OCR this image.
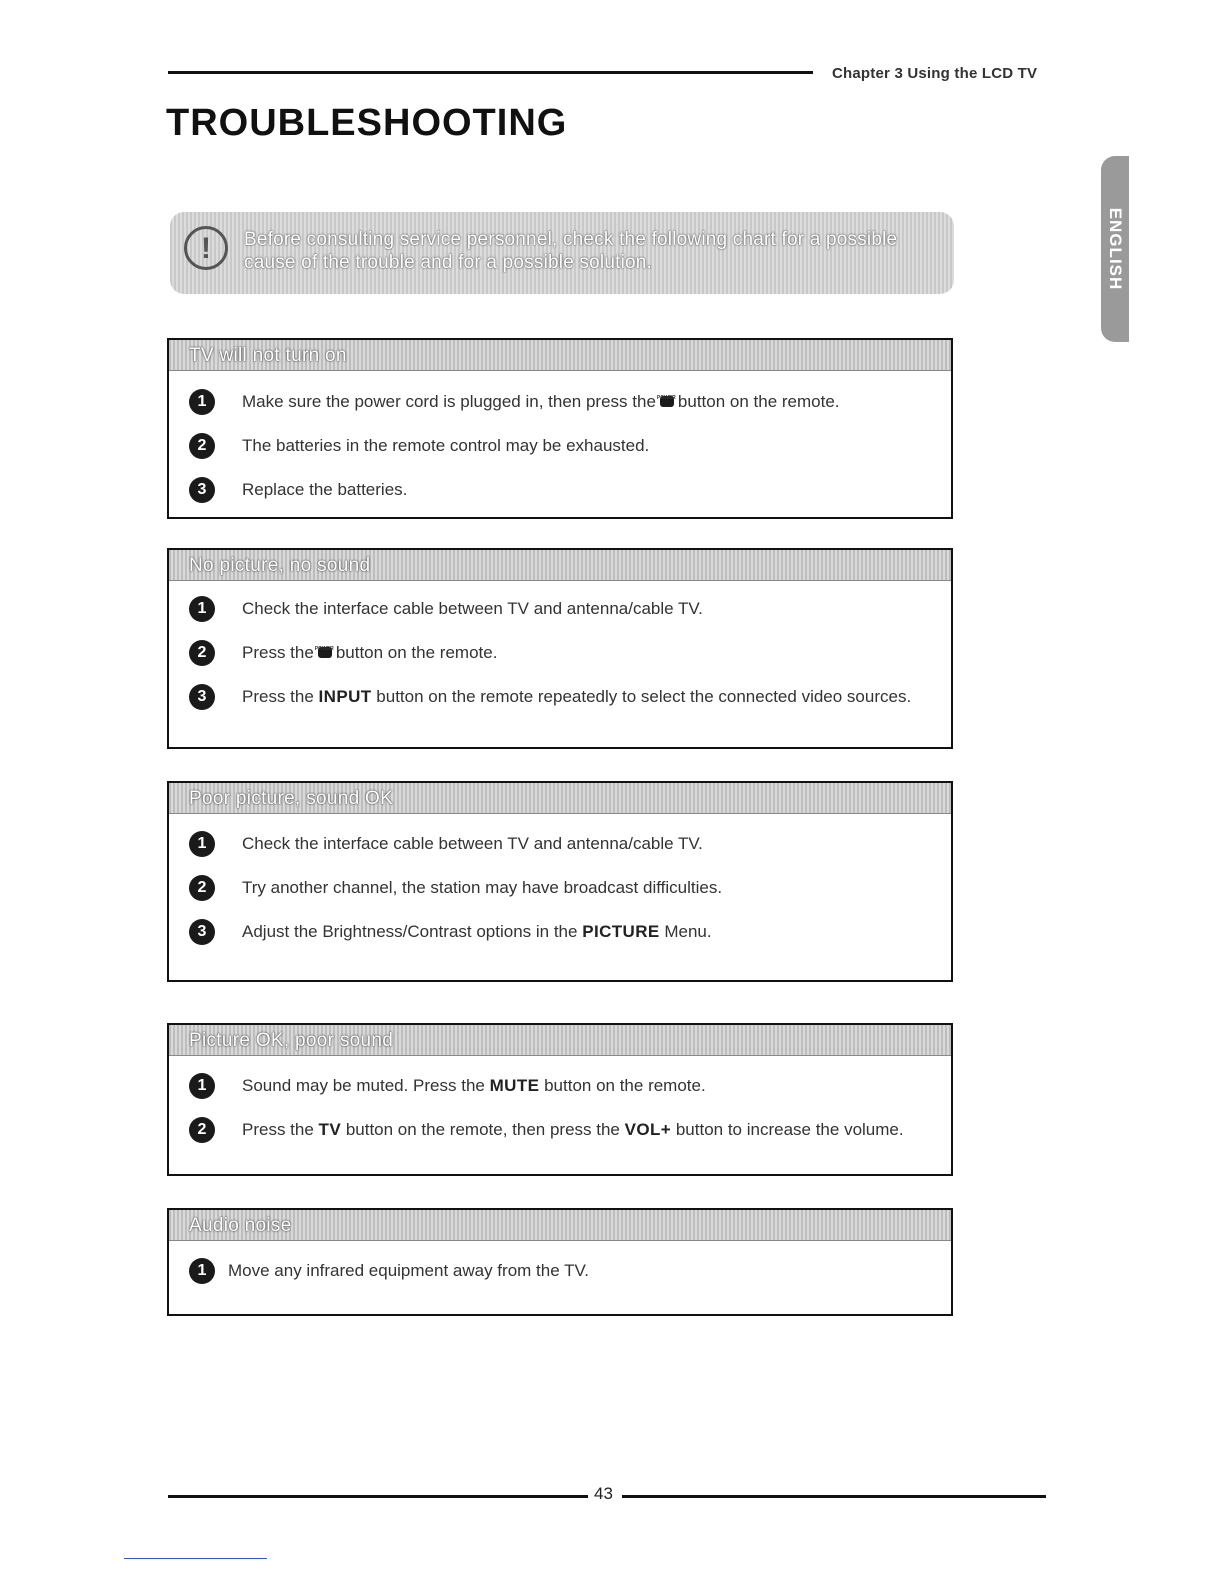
Chapter 3 Using the LCD TV
TROUBLESHOOTING
ENGLISH
!
Before consulting service personnel, check the following chart for a possible cause of the trouble and for a possible solution.
TV will not turn on
1	Make sure the power cord is plugged in, then press the POWER button on the remote.
2	The batteries in the remote control may be exhausted.
3	Replace the batteries.
No picture, no sound
1	Check the interface cable between TV and antenna/cable TV.
2	Press the POWER button on the remote.
3	Press the INPUT button on the remote repeatedly to select the connected video sources.
Poor picture, sound OK
1	Check the interface cable between TV and antenna/cable TV.
2	Try another channel, the station may have broadcast difficulties.
3	Adjust the Brightness/Contrast options in the PICTURE Menu.
Picture OK, poor sound
1	Sound may be muted. Press the MUTE button on the remote.
2	Press the TV button on the remote, then press the VOL+ button to increase the volume.
Audio noise
1	Move any infrared equipment away from the TV.
43
